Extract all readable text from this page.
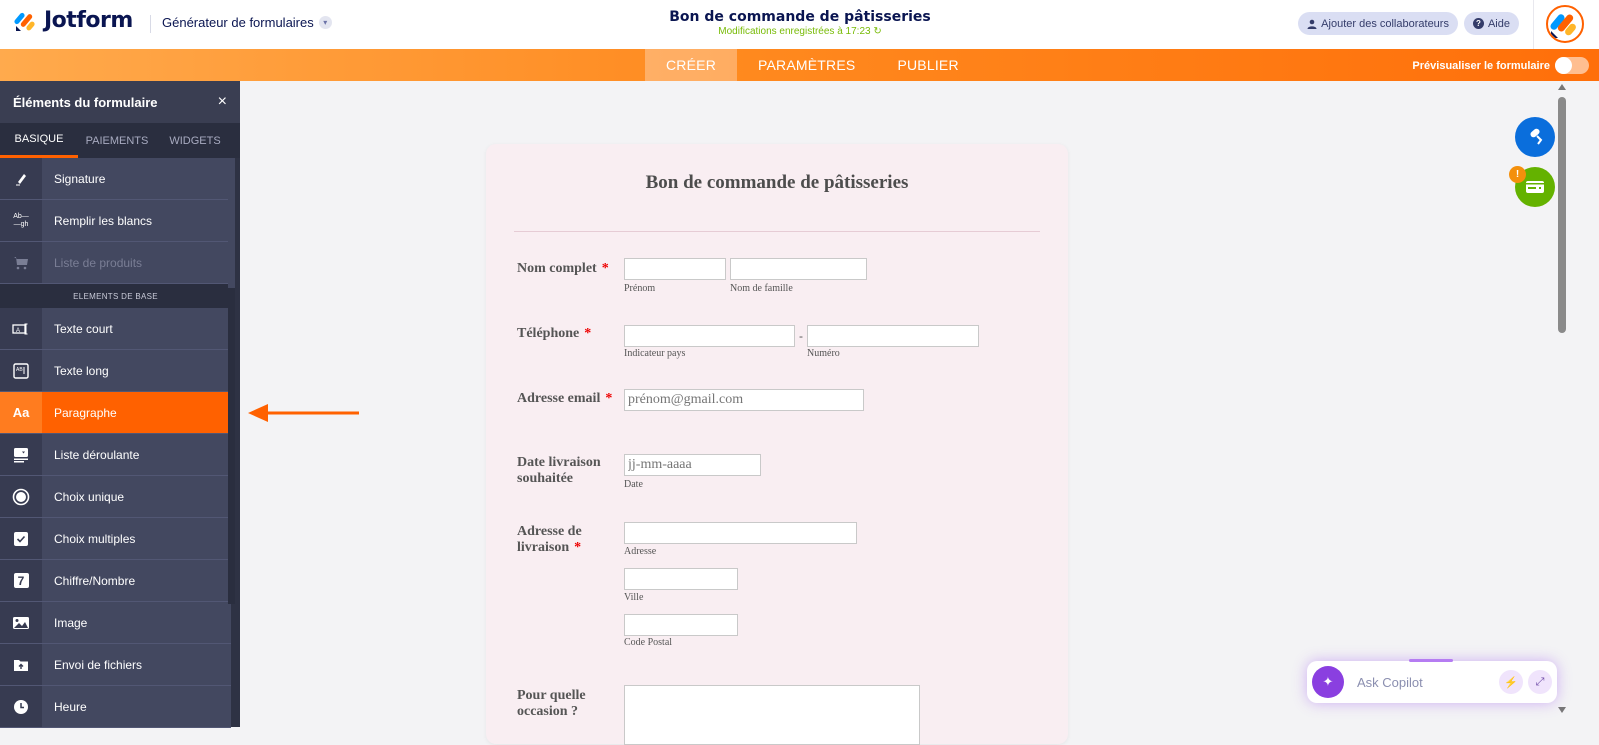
Jotform Générateur de formulaires	▾	Bon de commande de pâtisseries
Modifications enregistrées à 17:23 ↻
Ajouter des collaborateurs	? Aide
CRÉER	PARAMÈTRES	PUBLIER	Prévisualiser le formulaire
Éléments du formulaire	×
BASIQUE	PAIEMENTS	WIDGETS
Signature
Ab—
—gh	Remplir les blancs
Liste de produits
ELEMENTS DE BASE
A	Texte court
AB	Texte long
Aa	Paragraphe
Liste déroulante
Choix unique
Choix multiples
7	Chiffre/Nombre
Image
Envoi de fichiers
Heure
Bon de commande de pâtisseries
Nom complet *
Prénom	Nom de famille
Téléphone *	-
Indicateur pays	Numéro
Adresse email *
prénom@gmail.com
Date livraison
souhaitée
jj-mm-aaaa	Date
Adresse de
livraison *	Adresse
Ville
Code Postal
Pour quelle
occasion ?
!
✦	Ask Copilot	⚡	⤢
